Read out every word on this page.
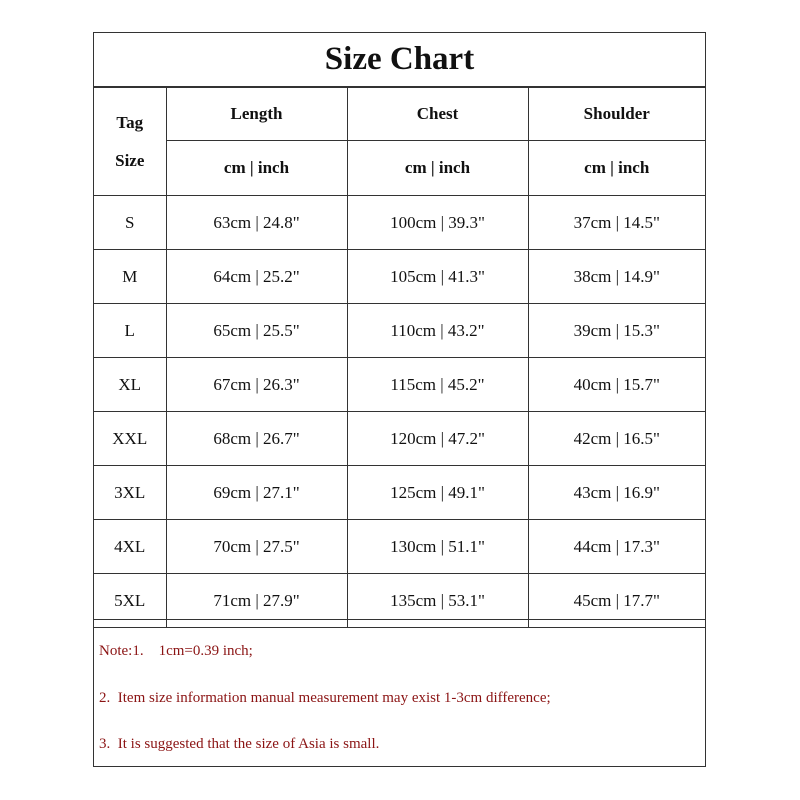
Size Chart
Tag
Size	Length	Chest	Shoulder
	cm | inch	cm | inch	cm | inch
S	63cm | 24.8"	100cm | 39.3"	37cm | 14.5"
M	64cm | 25.2"	105cm | 41.3"	38cm | 14.9"
L	65cm | 25.5"	110cm | 43.2"	39cm | 15.3"
XL	67cm | 26.3"	115cm | 45.2"	40cm | 15.7"
XXL	68cm | 26.7"	120cm | 47.2"	42cm | 16.5"
3XL	69cm | 27.1"	125cm | 49.1"	43cm | 16.9"
4XL	70cm | 27.5"	130cm | 51.1"	44cm | 17.3"
5XL	71cm | 27.9"	135cm | 53.1"	45cm | 17.7"
Note:1.    1cm=0.39 inch;
2.  Item size information manual measurement may exist 1-3cm difference;
3.  It is suggested that the size of Asia is small.
